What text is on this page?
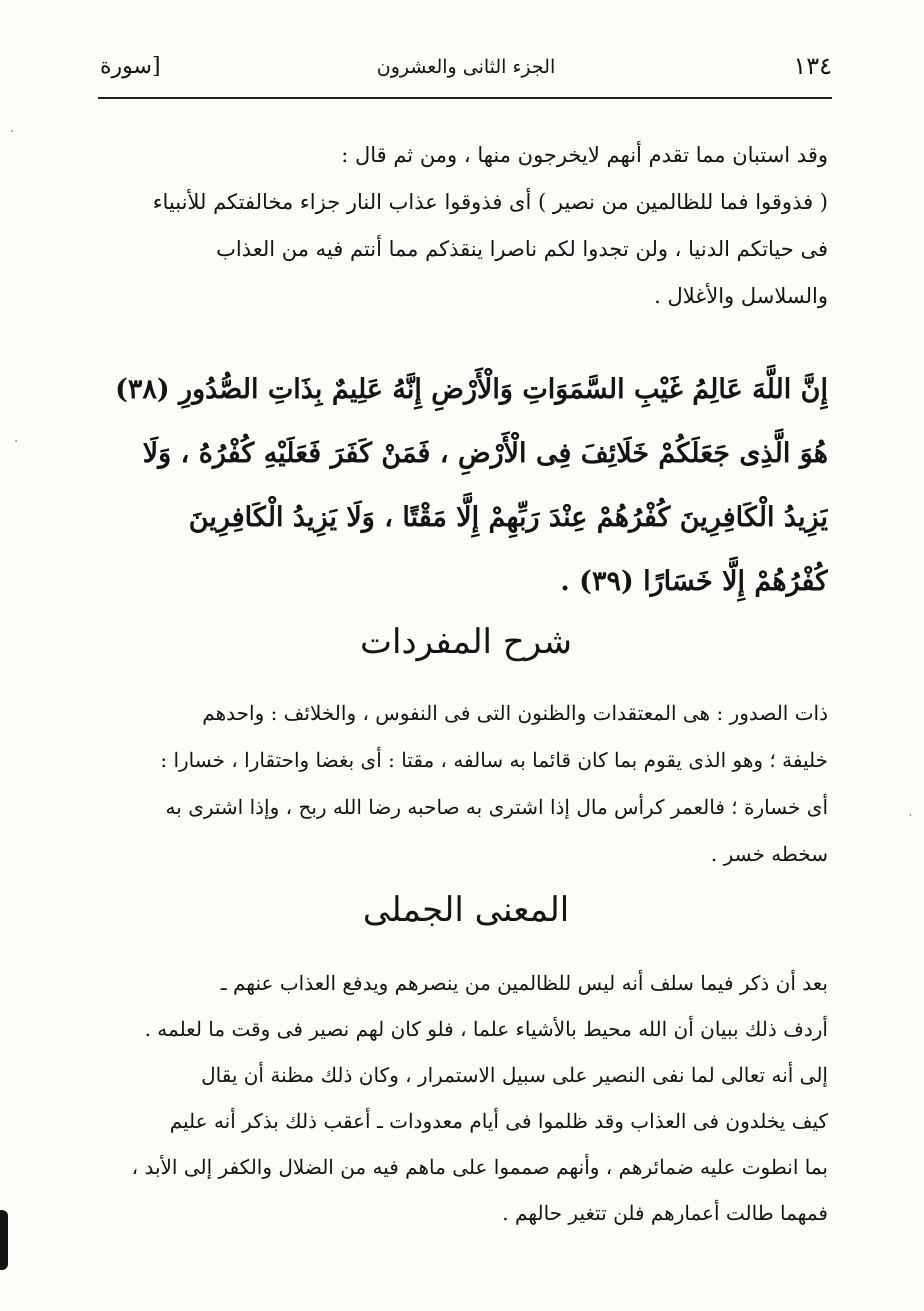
١٣٤
الجزء الثانى والعشرون
[سورة
وقد استبان مما تقدم أنهم لايخرجون منها ، ومن ثم قال :
( فذوقوا فما للظالمين من نصير ) أى فذوقوا عذاب النار جزاء مخالفتكم للأنبياء
فى حياتكم الدنيا ، ولن تجدوا لكم ناصرا ينقذكم مما أنتم فيه من العذاب
والسلاسل والأغلال .
إِنَّ اللَّهَ عَالِمُ غَيْبِ السَّمَوَاتِ وَالْأَرْضِ إِنَّهُ عَلِيمٌ بِذَاتِ الصُّدُورِ (٣٨)
هُوَ الَّذِى جَعَلَكُمْ خَلَائِفَ فِى الْأَرْضِ ، فَمَنْ كَفَرَ فَعَلَيْهِ كُفْرُهُ ، وَلَا
يَزِيدُ الْكَافِرِينَ كُفْرُهُمْ عِنْدَ رَبِّهِمْ إِلَّا مَقْتًا ، وَلَا يَزِيدُ الْكَافِرِينَ
كُفْرُهُمْ إِلَّا خَسَارًا (٣٩) .
شرح المفردات
ذات الصدور : هى المعتقدات والظنون التى فى النفوس ، والخلائف : واحدهم
خليفة ؛ وهو الذى يقوم بما كان قائما به سالفه ، مقتا : أى بغضا واحتقارا ، خسارا :
أى خسارة ؛ فالعمر كرأس مال إذا اشترى به صاحبه رضا الله ربح ، وإذا اشترى به
سخطه خسر .
المعنى الجملى
بعد أن ذكر فيما سلف أنه ليس للظالمين من ينصرهم ويدفع العذاب عنهم ـ
أردف ذلك ببيان أن الله محيط بالأشياء علما ، فلو كان لهم نصير فى وقت ما لعلمه .
إلى أنه تعالى لما نفى النصير على سبيل الاستمرار ، وكان ذلك مظنة أن يقال
كيف يخلدون فى العذاب وقد ظلموا فى أيام معدودات ـ أعقب ذلك بذكر أنه عليم
بما انطوت عليه ضمائرهم ، وأنهم صمموا على ماهم فيه من الضلال والكفر إلى الأبد ،
فمهما طالت أعمارهم فلن تتغير حالهم .
ᐧ
ᐧ
ᐧ
